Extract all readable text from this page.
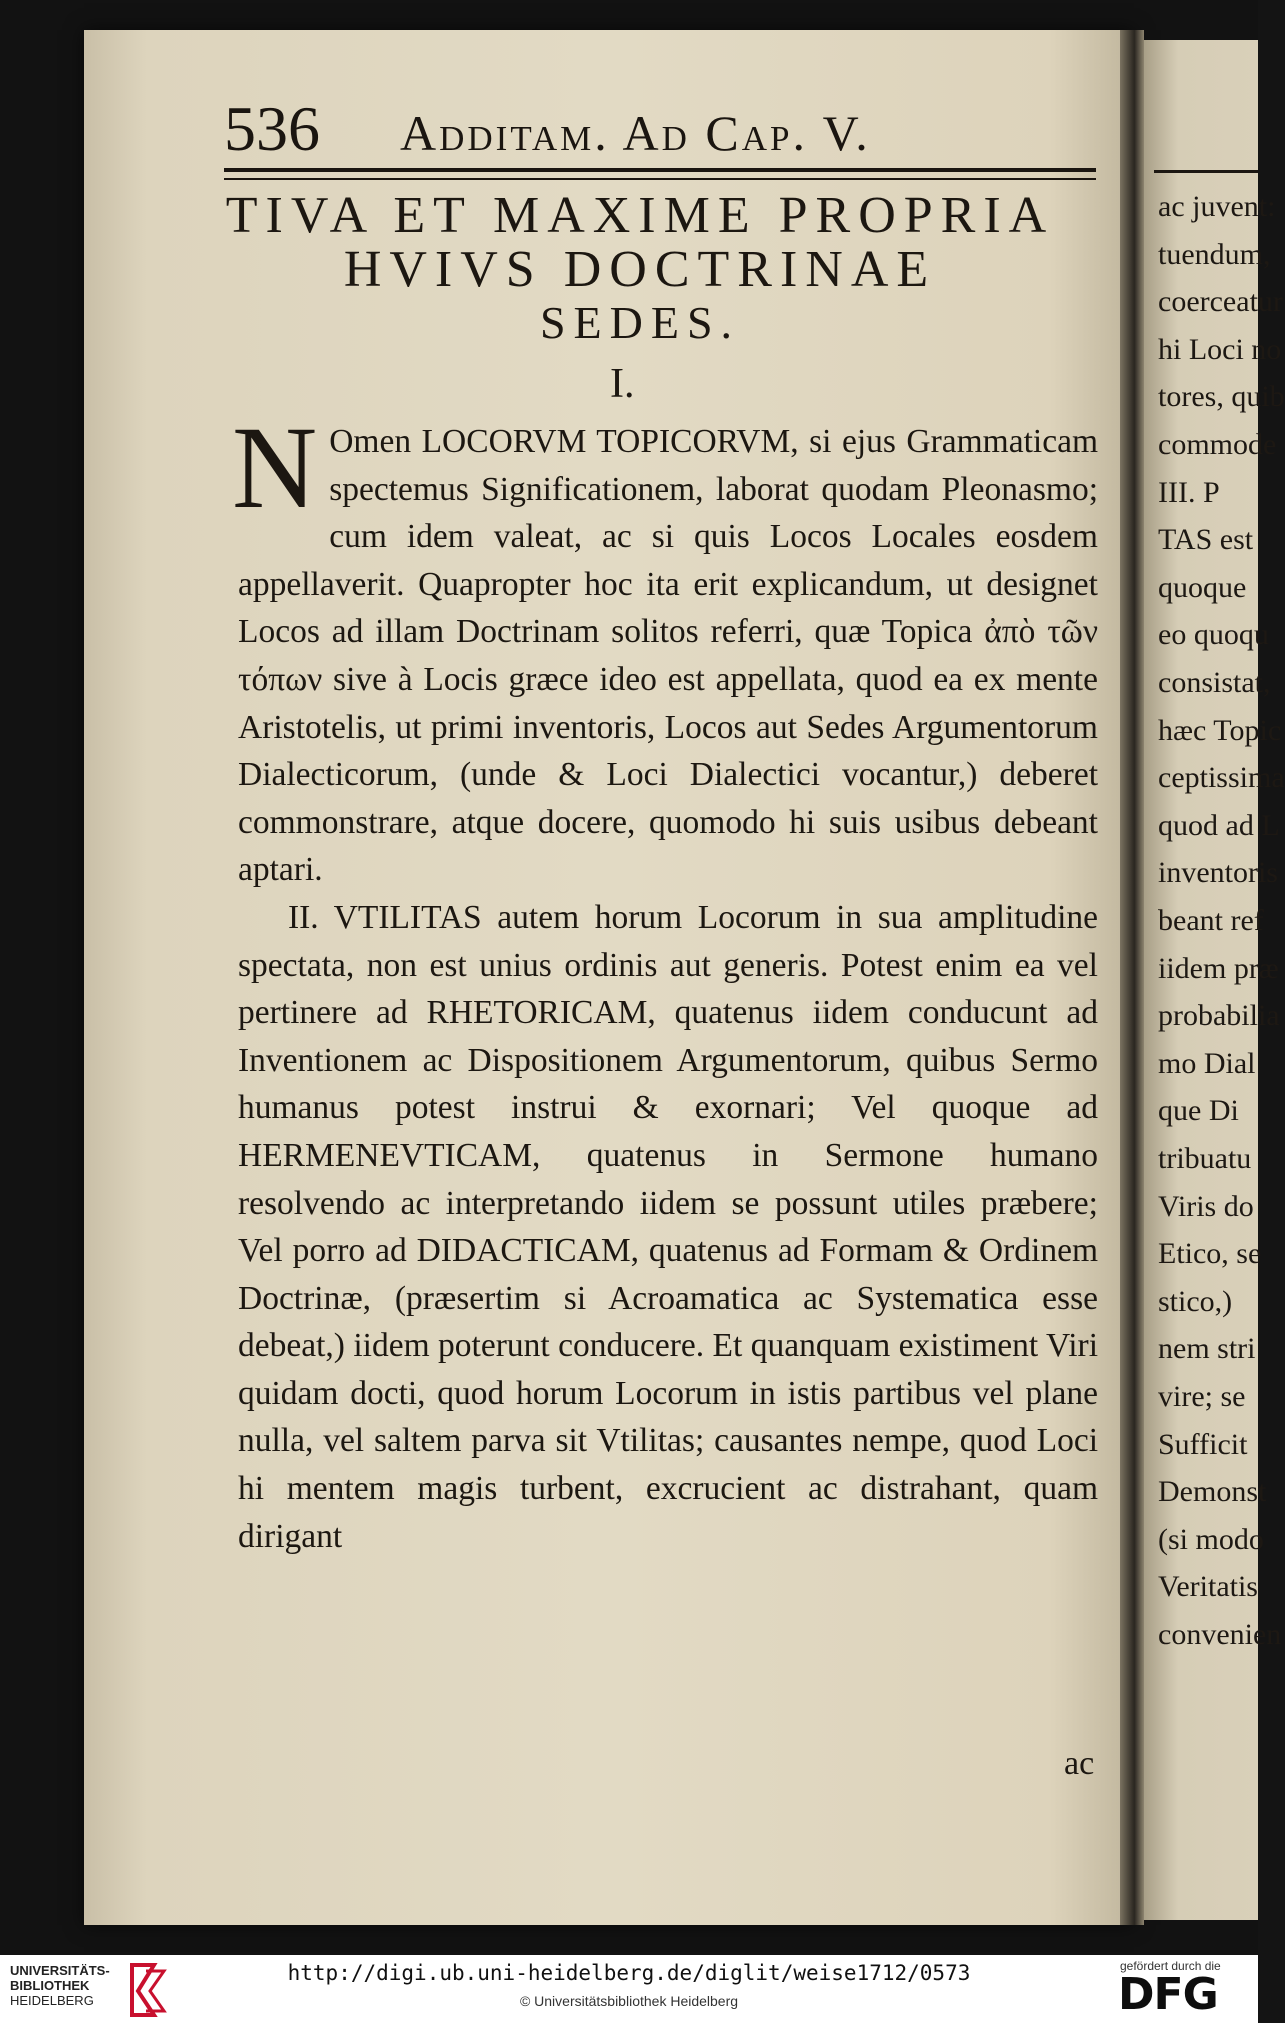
ac juvent:
tuendum,
coerceatur
hi Loci no
tores, quib
commode
III. P
TAS est
quoque
eo quoqu
consistat,
hæc Topic
ceptissima
quod ad L
inventoris
beant ref
iidem præ
probabilia
mo Dial
que Di
tribuatu
Viris do
Etico, se
stico,)
nem stri
vire; se
Sufficit
Demonst
(si modo
Veritatis
convenien
536 Additam. Ad Cap. V.
TIVA ET MAXIME PROPRIA
HVIVS DOCTRINAE
SEDES.
I.

N Omen LOCORVM TOPICORVM, si ejus Grammaticam spectemus Significationem, laborat quodam Pleonasmo; cum idem valeat, ac si quis Locos Locales eosdem appellaverit. Quapropter hoc ita erit explicandum, ut designet Locos ad illam Doctrinam solitos referri, quæ Topica ἀπὸ τῶν τόπων sive à Locis græce ideo est appellata, quod ea ex mente Aristotelis, ut primi inventoris, Locos aut Sedes Argumentorum Dialecticorum, (unde & Loci Dialectici vocantur,) deberet commonstrare, atque docere, quomodo hi suis usibus debeant aptari.

II. VTILITAS autem horum Locorum in sua amplitudine spectata, non est unius ordinis aut generis. Potest enim ea vel pertinere ad RHETORICAM, quatenus iidem conducunt ad Inventionem ac Dispositionem Argumentorum, quibus Sermo humanus potest instrui & exornari; Vel quoque ad HERMENEVTICAM, quatenus in Sermone humano resolvendo ac interpretando iidem se possunt utiles præbere; Vel porro ad DIDACTICAM, quatenus ad Formam & Ordinem Doctrinæ, (præsertim si Acroamatica ac Systematica esse debeat,) iidem poterunt conducere. Et quanquam existiment Viri quidam docti, quod horum Locorum in istis partibus vel plane nulla, vel saltem parva sit Vtilitas; causantes nempe, quod Loci hi mentem magis turbent, excrucient ac distrahant, quam dirigant

ac
UNIVERSITÄTS-
BIBLIOTHEK
HEIDELBERG
http://digi.ub.uni-heidelberg.de/diglit/weise1712/0573
© Universitätsbibliothek Heidelberg
gefördert durch die
DFG
